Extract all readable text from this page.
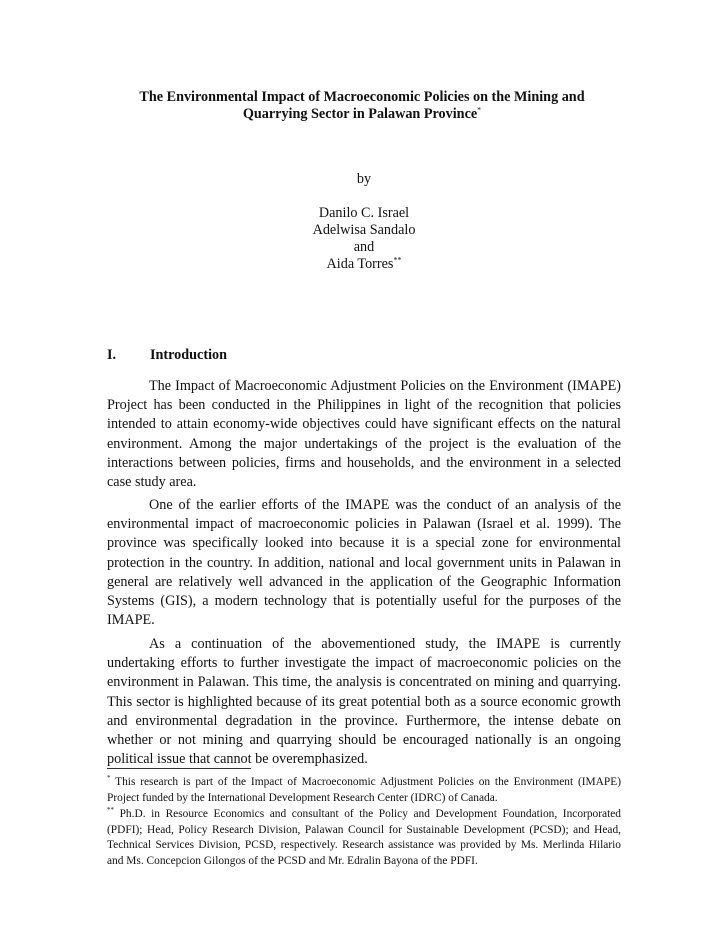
The Environmental Impact of Macroeconomic Policies on the Mining and
Quarrying Sector in Palawan Province*
by
Danilo C. Israel
Adelwisa Sandalo
and
Aida Torres**
I. Introduction

The Impact of Macroeconomic Adjustment Policies on the Environment (IMAPE) Project has been conducted in the Philippines in light of the recognition that policies intended to attain economy-wide objectives could have significant effects on the natural environment. Among the major undertakings of the project is the evaluation of the interactions between policies, firms and households, and the environment in a selected case study area.

One of the earlier efforts of the IMAPE was the conduct of an analysis of the environmental impact of macroeconomic policies in Palawan (Israel et al. 1999). The province was specifically looked into because it is a special zone for environmental protection in the country. In addition, national and local government units in Palawan in general are relatively well advanced in the application of the Geographic Information Systems (GIS), a modern technology that is potentially useful for the purposes of the IMAPE.

As a continuation of the abovementioned study, the IMAPE is currently undertaking efforts to further investigate the impact of macroeconomic policies on the environment in Palawan. This time, the analysis is concentrated on mining and quarrying. This sector is highlighted because of its great potential both as a source economic growth and environmental degradation in the province. Furthermore, the intense debate on whether or not mining and quarrying should be encouraged nationally is an ongoing political issue that cannot be overemphasized.

* This research is part of the Impact of Macroeconomic Adjustment Policies on the Environment (IMAPE) Project funded by the International Development Research Center (IDRC) of Canada.

** Ph.D. in Resource Economics and consultant of the Policy and Development Foundation, Incorporated (PDFI); Head, Policy Research Division, Palawan Council for Sustainable Development (PCSD); and Head, Technical Services Division, PCSD, respectively. Research assistance was provided by Ms. Merlinda Hilario and Ms. Concepcion Gilongos of the PCSD and Mr. Edralin Bayona of the PDFI.
